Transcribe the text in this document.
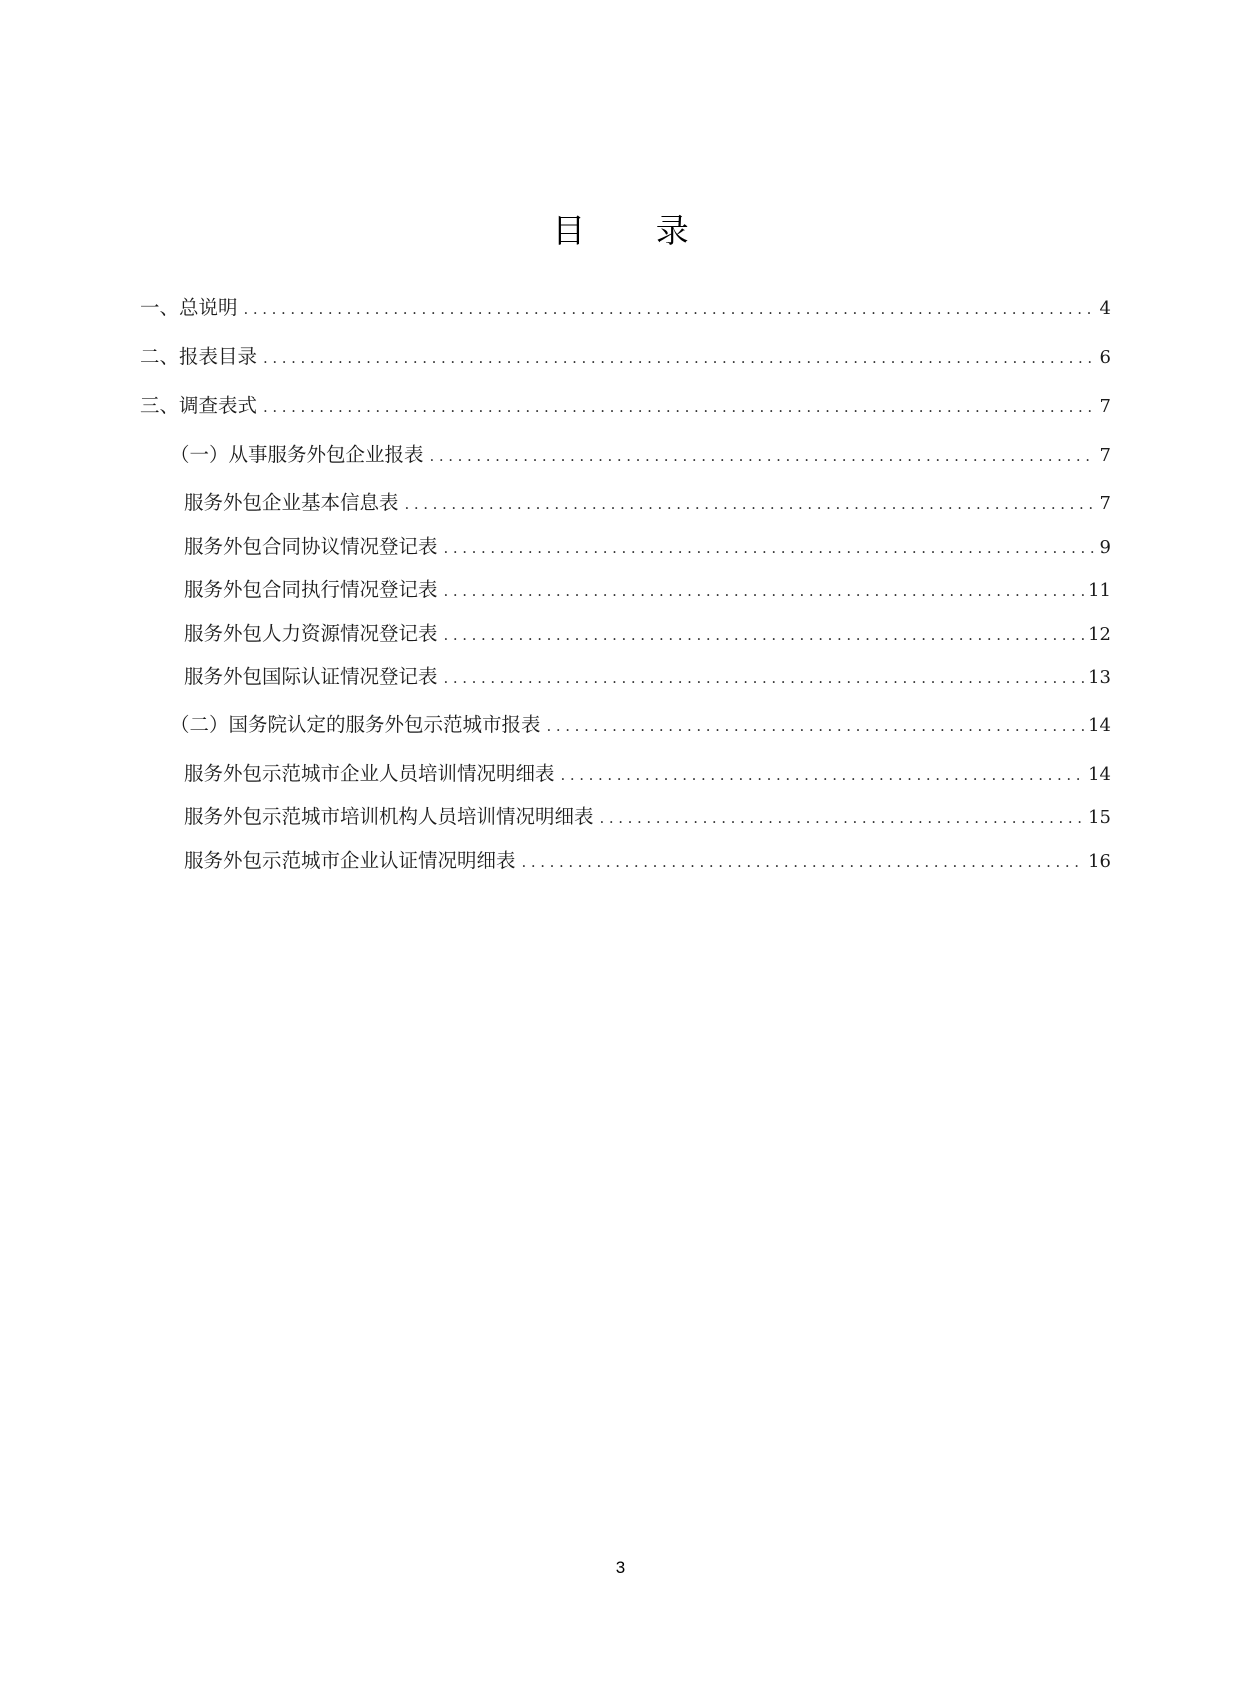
目 录
一、总说明 .....	4
二、报表目录 .....	6
三、调查表式 .....	7
（一）从事服务外包企业报表 .....	7
服务外包企业基本信息表 .....	7
服务外包合同协议情况登记表 .....	9
服务外包合同执行情况登记表 .....	11
服务外包人力资源情况登记表 .....	12
服务外包国际认证情况登记表 .....	13
（二）国务院认定的服务外包示范城市报表 .....	14
服务外包示范城市企业人员培训情况明细表 .....	14
服务外包示范城市培训机构人员培训情况明细表 .....	15
服务外包示范城市企业认证情况明细表 .....	16
3
